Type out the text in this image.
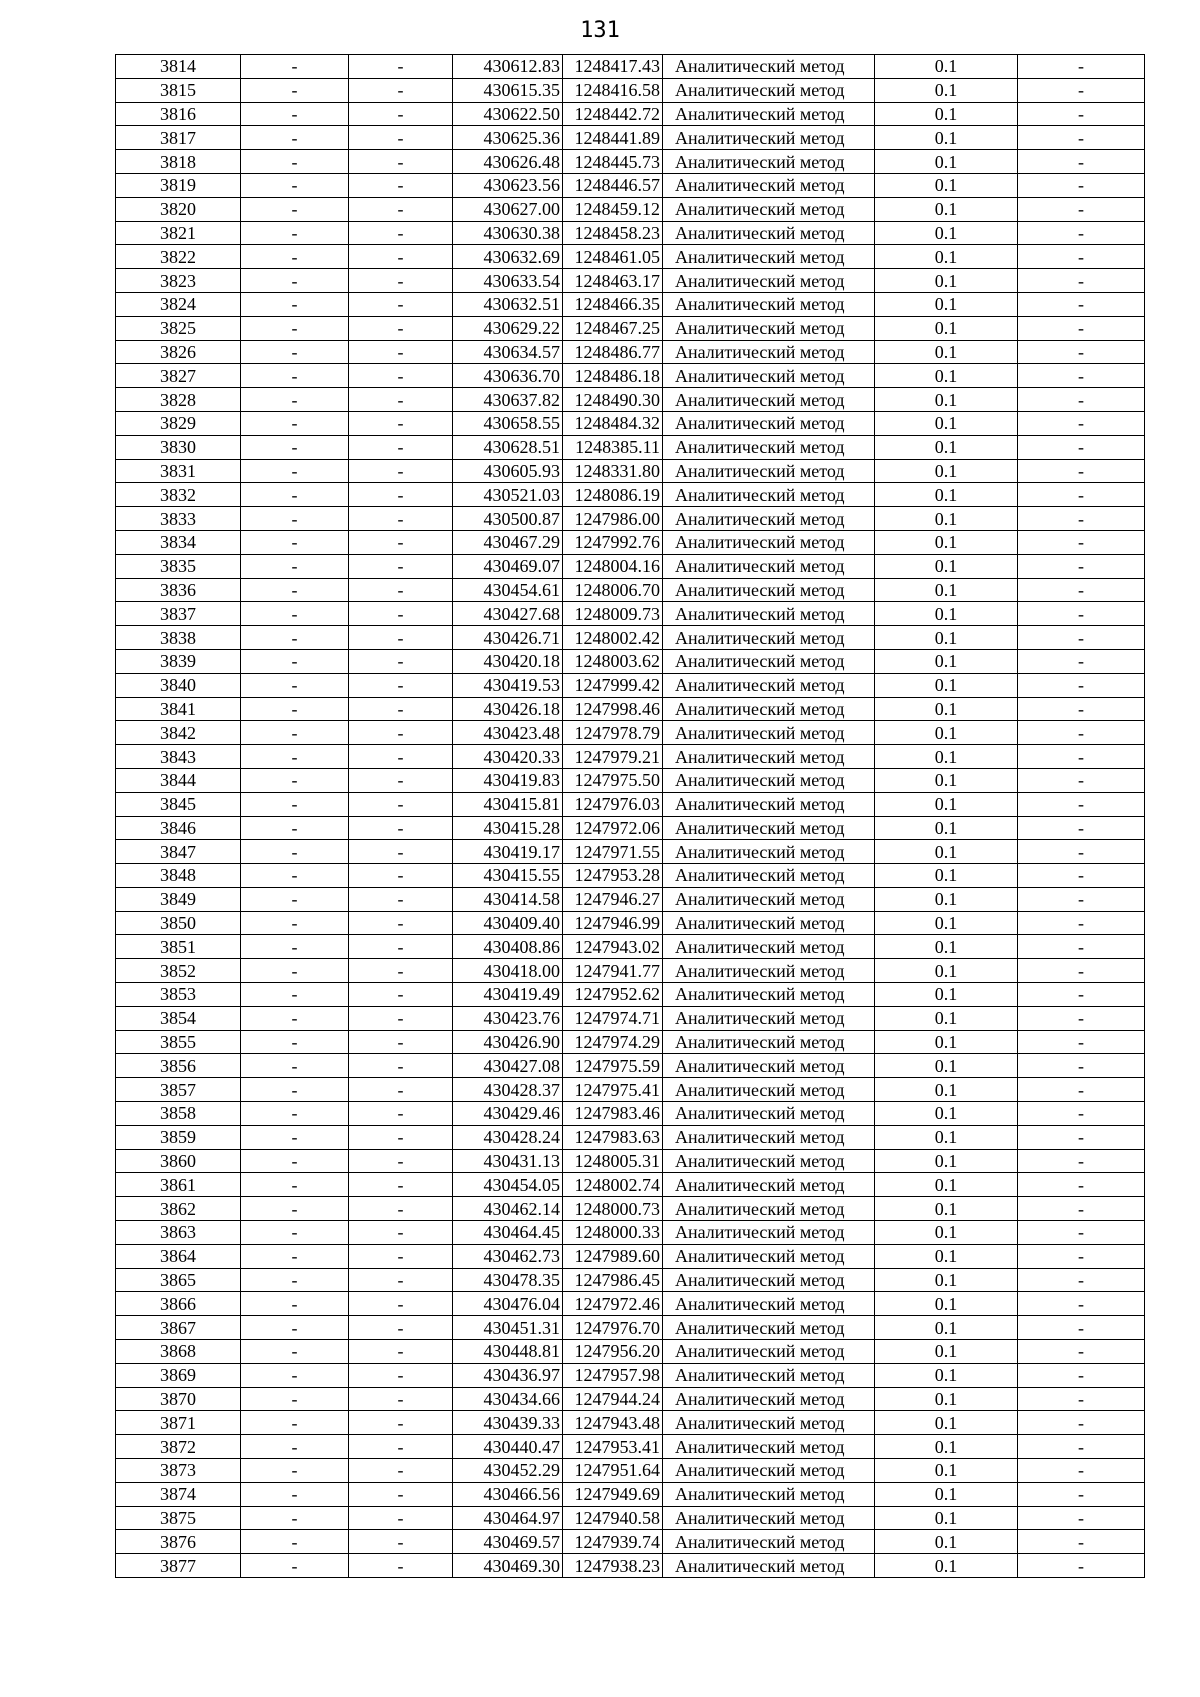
131
3814	-	-	430612.83	1248417.43	Аналитический метод	0.1	-
3815	-	-	430615.35	1248416.58	Аналитический метод	0.1	-
3816	-	-	430622.50	1248442.72	Аналитический метод	0.1	-
3817	-	-	430625.36	1248441.89	Аналитический метод	0.1	-
3818	-	-	430626.48	1248445.73	Аналитический метод	0.1	-
3819	-	-	430623.56	1248446.57	Аналитический метод	0.1	-
3820	-	-	430627.00	1248459.12	Аналитический метод	0.1	-
3821	-	-	430630.38	1248458.23	Аналитический метод	0.1	-
3822	-	-	430632.69	1248461.05	Аналитический метод	0.1	-
3823	-	-	430633.54	1248463.17	Аналитический метод	0.1	-
3824	-	-	430632.51	1248466.35	Аналитический метод	0.1	-
3825	-	-	430629.22	1248467.25	Аналитический метод	0.1	-
3826	-	-	430634.57	1248486.77	Аналитический метод	0.1	-
3827	-	-	430636.70	1248486.18	Аналитический метод	0.1	-
3828	-	-	430637.82	1248490.30	Аналитический метод	0.1	-
3829	-	-	430658.55	1248484.32	Аналитический метод	0.1	-
3830	-	-	430628.51	1248385.11	Аналитический метод	0.1	-
3831	-	-	430605.93	1248331.80	Аналитический метод	0.1	-
3832	-	-	430521.03	1248086.19	Аналитический метод	0.1	-
3833	-	-	430500.87	1247986.00	Аналитический метод	0.1	-
3834	-	-	430467.29	1247992.76	Аналитический метод	0.1	-
3835	-	-	430469.07	1248004.16	Аналитический метод	0.1	-
3836	-	-	430454.61	1248006.70	Аналитический метод	0.1	-
3837	-	-	430427.68	1248009.73	Аналитический метод	0.1	-
3838	-	-	430426.71	1248002.42	Аналитический метод	0.1	-
3839	-	-	430420.18	1248003.62	Аналитический метод	0.1	-
3840	-	-	430419.53	1247999.42	Аналитический метод	0.1	-
3841	-	-	430426.18	1247998.46	Аналитический метод	0.1	-
3842	-	-	430423.48	1247978.79	Аналитический метод	0.1	-
3843	-	-	430420.33	1247979.21	Аналитический метод	0.1	-
3844	-	-	430419.83	1247975.50	Аналитический метод	0.1	-
3845	-	-	430415.81	1247976.03	Аналитический метод	0.1	-
3846	-	-	430415.28	1247972.06	Аналитический метод	0.1	-
3847	-	-	430419.17	1247971.55	Аналитический метод	0.1	-
3848	-	-	430415.55	1247953.28	Аналитический метод	0.1	-
3849	-	-	430414.58	1247946.27	Аналитический метод	0.1	-
3850	-	-	430409.40	1247946.99	Аналитический метод	0.1	-
3851	-	-	430408.86	1247943.02	Аналитический метод	0.1	-
3852	-	-	430418.00	1247941.77	Аналитический метод	0.1	-
3853	-	-	430419.49	1247952.62	Аналитический метод	0.1	-
3854	-	-	430423.76	1247974.71	Аналитический метод	0.1	-
3855	-	-	430426.90	1247974.29	Аналитический метод	0.1	-
3856	-	-	430427.08	1247975.59	Аналитический метод	0.1	-
3857	-	-	430428.37	1247975.41	Аналитический метод	0.1	-
3858	-	-	430429.46	1247983.46	Аналитический метод	0.1	-
3859	-	-	430428.24	1247983.63	Аналитический метод	0.1	-
3860	-	-	430431.13	1248005.31	Аналитический метод	0.1	-
3861	-	-	430454.05	1248002.74	Аналитический метод	0.1	-
3862	-	-	430462.14	1248000.73	Аналитический метод	0.1	-
3863	-	-	430464.45	1248000.33	Аналитический метод	0.1	-
3864	-	-	430462.73	1247989.60	Аналитический метод	0.1	-
3865	-	-	430478.35	1247986.45	Аналитический метод	0.1	-
3866	-	-	430476.04	1247972.46	Аналитический метод	0.1	-
3867	-	-	430451.31	1247976.70	Аналитический метод	0.1	-
3868	-	-	430448.81	1247956.20	Аналитический метод	0.1	-
3869	-	-	430436.97	1247957.98	Аналитический метод	0.1	-
3870	-	-	430434.66	1247944.24	Аналитический метод	0.1	-
3871	-	-	430439.33	1247943.48	Аналитический метод	0.1	-
3872	-	-	430440.47	1247953.41	Аналитический метод	0.1	-
3873	-	-	430452.29	1247951.64	Аналитический метод	0.1	-
3874	-	-	430466.56	1247949.69	Аналитический метод	0.1	-
3875	-	-	430464.97	1247940.58	Аналитический метод	0.1	-
3876	-	-	430469.57	1247939.74	Аналитический метод	0.1	-
3877	-	-	430469.30	1247938.23	Аналитический метод	0.1	-
